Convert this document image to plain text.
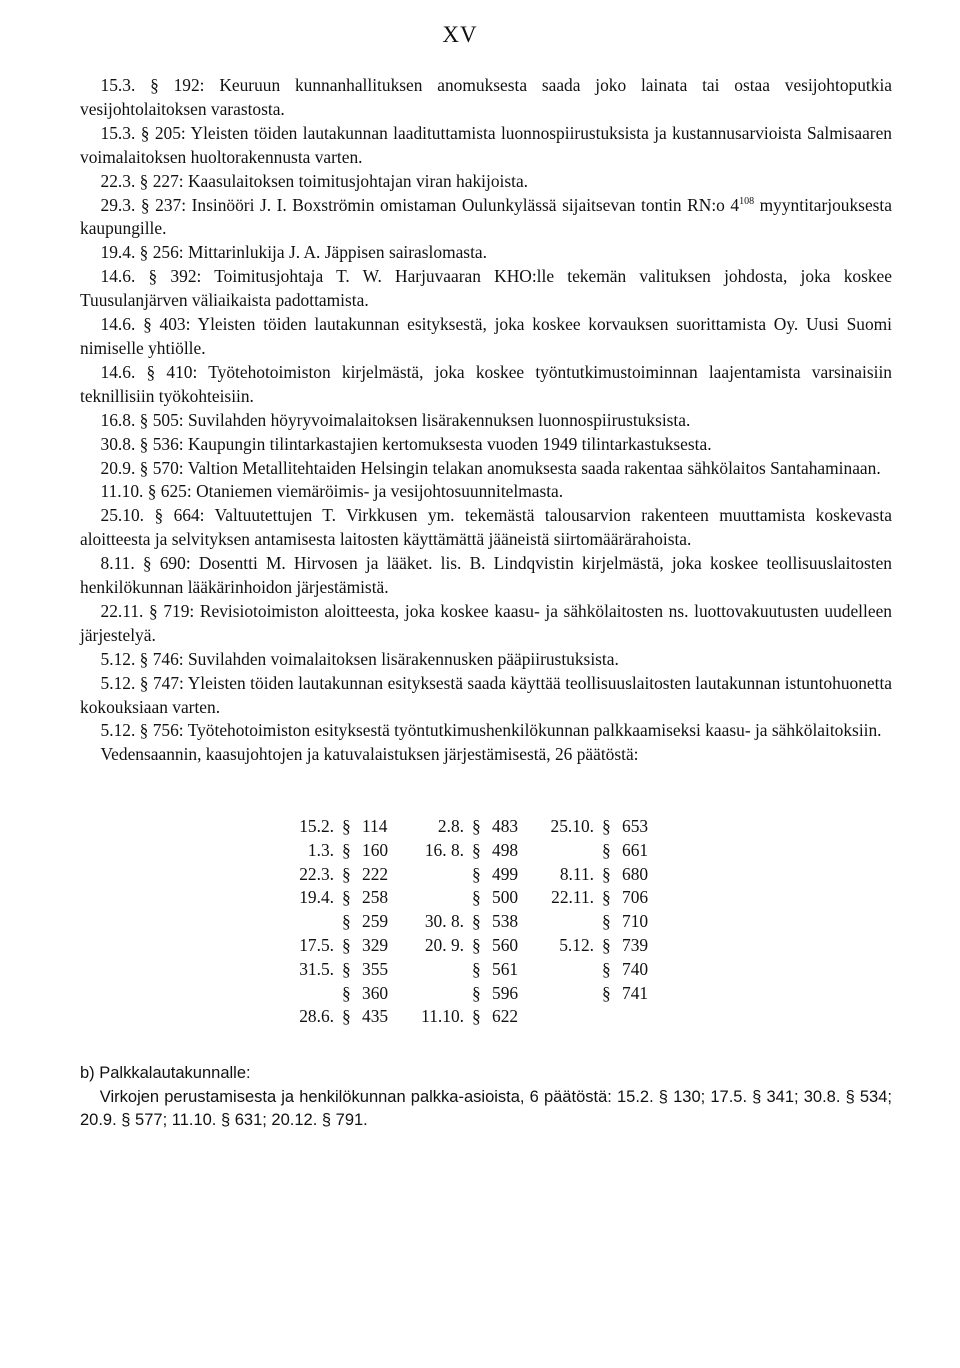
XV

15.3. § 192: Keuruun kunnanhallituksen anomuksesta saada joko lainata tai ostaa vesijohtoputkia vesijohtolaitoksen varastosta.

15.3. § 205: Yleisten töiden lautakunnan laadituttamista luonnospiirustuksista ja kustannusarvioista Salmisaaren voimalaitoksen huoltorakennusta varten.

22.3. § 227: Kaasulaitoksen toimitusjohtajan viran hakijoista.

29.3. § 237: Insinööri J. I. Boxströmin omistaman Oulunkylässä sijaitsevan tontin RN:o $4^{108}$ myyntitarjouksesta kaupungille.

19.4. § 256: Mittarinlukija J. A. Jäppisen sairaslomasta.

14.6. § 392: Toimitusjohtaja T. W. Harjuvaaran KHO:lle tekemän valituksen johdosta, joka koskee Tuusulanjärven väliaikaista padottamista.

14.6. § 403: Yleisten töiden lautakunnan esityksestä, joka koskee korvauksen suorittamista Oy. Uusi Suomi nimiselle yhtiölle.

14.6. § 410: Työtehotoimiston kirjelmästä, joka koskee työntutkimustoiminnan laajentamista varsinaisiin teknillisiin työkohteisiin.

16.8. § 505: Suvilahden höyryvoimalaitoksen lisärakennuksen luonnospiirustuksista.

30.8. § 536: Kaupungin tilintarkastajien kertomuksesta vuoden 1949 tilintarkastuksesta.

20.9. § 570: Valtion Metallitehtaiden Helsingin telakan anomuksesta saada rakentaa sähkölaitos Santahaminaan.

11.10. § 625: Otaniemen viemäröimis- ja vesijohtosuunnitelmasta.

25.10. § 664: Valtuutettujen T. Virkkusen ym. tekemästä talousarvion rakenteen muuttamista koskevasta aloitteesta ja selvityksen antamisesta laitosten käyttämättä jääneistä siirtomäärärahoista.

8.11. § 690: Dosentti M. Hirvosen ja lääket. lis. B. Lindqvistin kirjelmästä, joka koskee teollisuuslaitosten henkilökunnan lääkärinhoidon järjestämistä.

22.11. § 719: Revisiotoimiston aloitteesta, joka koskee kaasu- ja sähkölaitosten ns. luottovakuutusten uudelleen järjestelyä.

5.12. § 746: Suvilahden voimalaitoksen lisärakennusken pääpiirustuksista.

5.12. § 747: Yleisten töiden lautakunnan esityksestä saada käyttää teollisuuslaitosten lautakunnan istuntohuonetta kokouksiaan varten.

5.12. § 756: Työtehotoimiston esityksestä työntutkimushenkilökunnan palkkaamiseksi kaasu- ja sähkölaitoksiin.

Vedensaannin, kaasujohtojen ja katuvalaistuksen järjestämisestä, 26 päätöstä:

15.2.	§	114	2.8.	§	483	25.10.	§	653
1.3.	§	160	16. 8.	§	498		§	661
22.3.	§	222		§	499	8.11.	§	680
19.4.	§	258		§	500	22.11.	§	706
	§	259	30. 8.	§	538		§	710
17.5.	§	329	20. 9.	§	560	5.12.	§	739
31.5.	§	355		§	561		§	740
	§	360		§	596		§	741
28.6.	§	435	11.10.	§	622			

b) Palkkalautakunnalle:

Virkojen perustamisesta ja henkilökunnan palkka-asioista, 6 päätöstä: 15.2. § 130; 17.5. § 341; 30.8. § 534; 20.9. § 577; 11.10. § 631; 20.12. § 791.
